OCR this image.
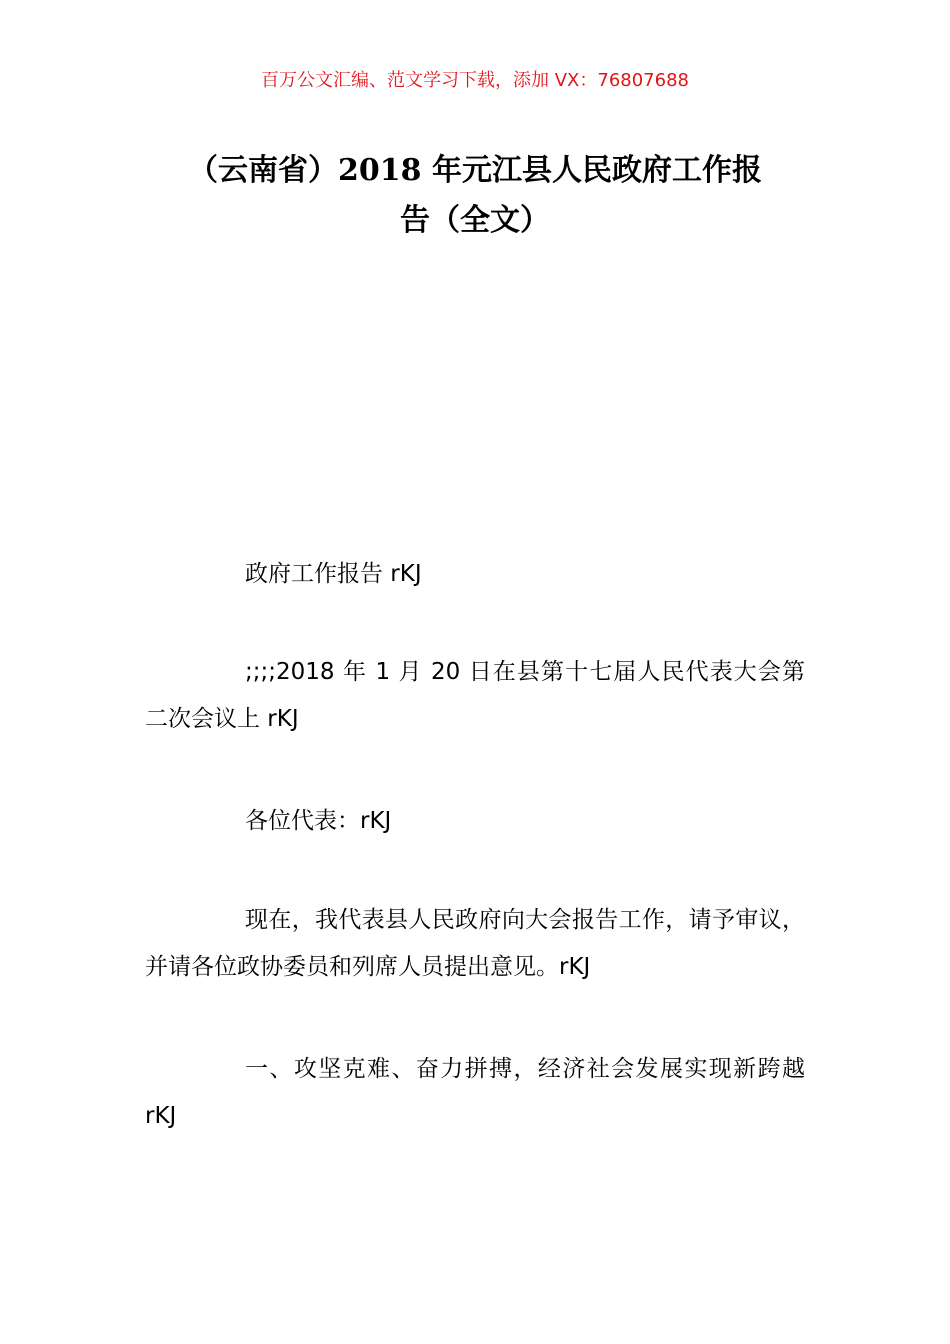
百万公文汇编、范文学习下载，添加 VX：76807688
（云南省）2018 年元江县人民政府工作报
告（全文）

政府工作报告 rKJ

;;;;2018 年 1 月 20 日在县第十七届人民代表大会第二次会议上 rKJ

各位代表：rKJ

现在，我代表县人民政府向大会报告工作，请予审议，并请各位政协委员和列席人员提出意见。rKJ

一、攻坚克难、奋力拼搏，经济社会发展实现新跨越 rKJ
